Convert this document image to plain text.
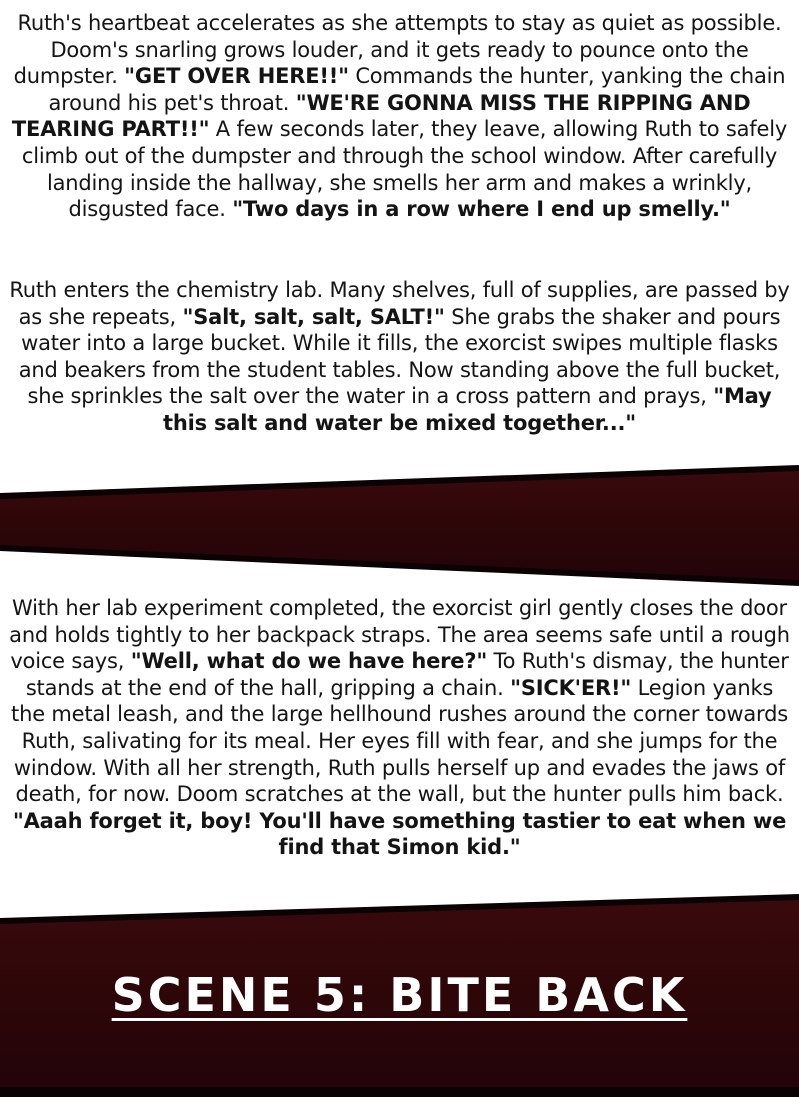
Ruth's heartbeat accelerates as she attempts to stay as quiet as possible. Doom's snarling grows louder, and it gets ready to pounce onto the dumpster. "GET OVER HERE!!" Commands the hunter, yanking the chain around his pet's throat. "WE'RE GONNA MISS THE RIPPING AND TEARING PART!!" A few seconds later, they leave, allowing Ruth to safely climb out of the dumpster and through the school window. After carefully landing inside the hallway, she smells her arm and makes a wrinkly, disgusted face. "Two days in a row where I end up smelly."

Ruth enters the chemistry lab. Many shelves, full of supplies, are passed by as she repeats, "Salt, salt, salt, SALT!" She grabs the shaker and pours water into a large bucket. While it fills, the exorcist swipes multiple flasks and beakers from the student tables. Now standing above the full bucket, she sprinkles the salt over the water in a cross pattern and prays, "May this salt and water be mixed together..."

With her lab experiment completed, the exorcist girl gently closes the door and holds tightly to her backpack straps. The area seems safe until a rough voice says, "Well, what do we have here?" To Ruth's dismay, the hunter stands at the end of the hall, gripping a chain. "SICK'ER!" Legion yanks the metal leash, and the large hellhound rushes around the corner towards Ruth, salivating for its meal. Her eyes fill with fear, and she jumps for the window. With all her strength, Ruth pulls herself up and evades the jaws of death, for now. Doom scratches at the wall, but the hunter pulls him back. "Aaah forget it, boy! You'll have something tastier to eat when we find that Simon kid."

SCENE 5: BITE BACK
